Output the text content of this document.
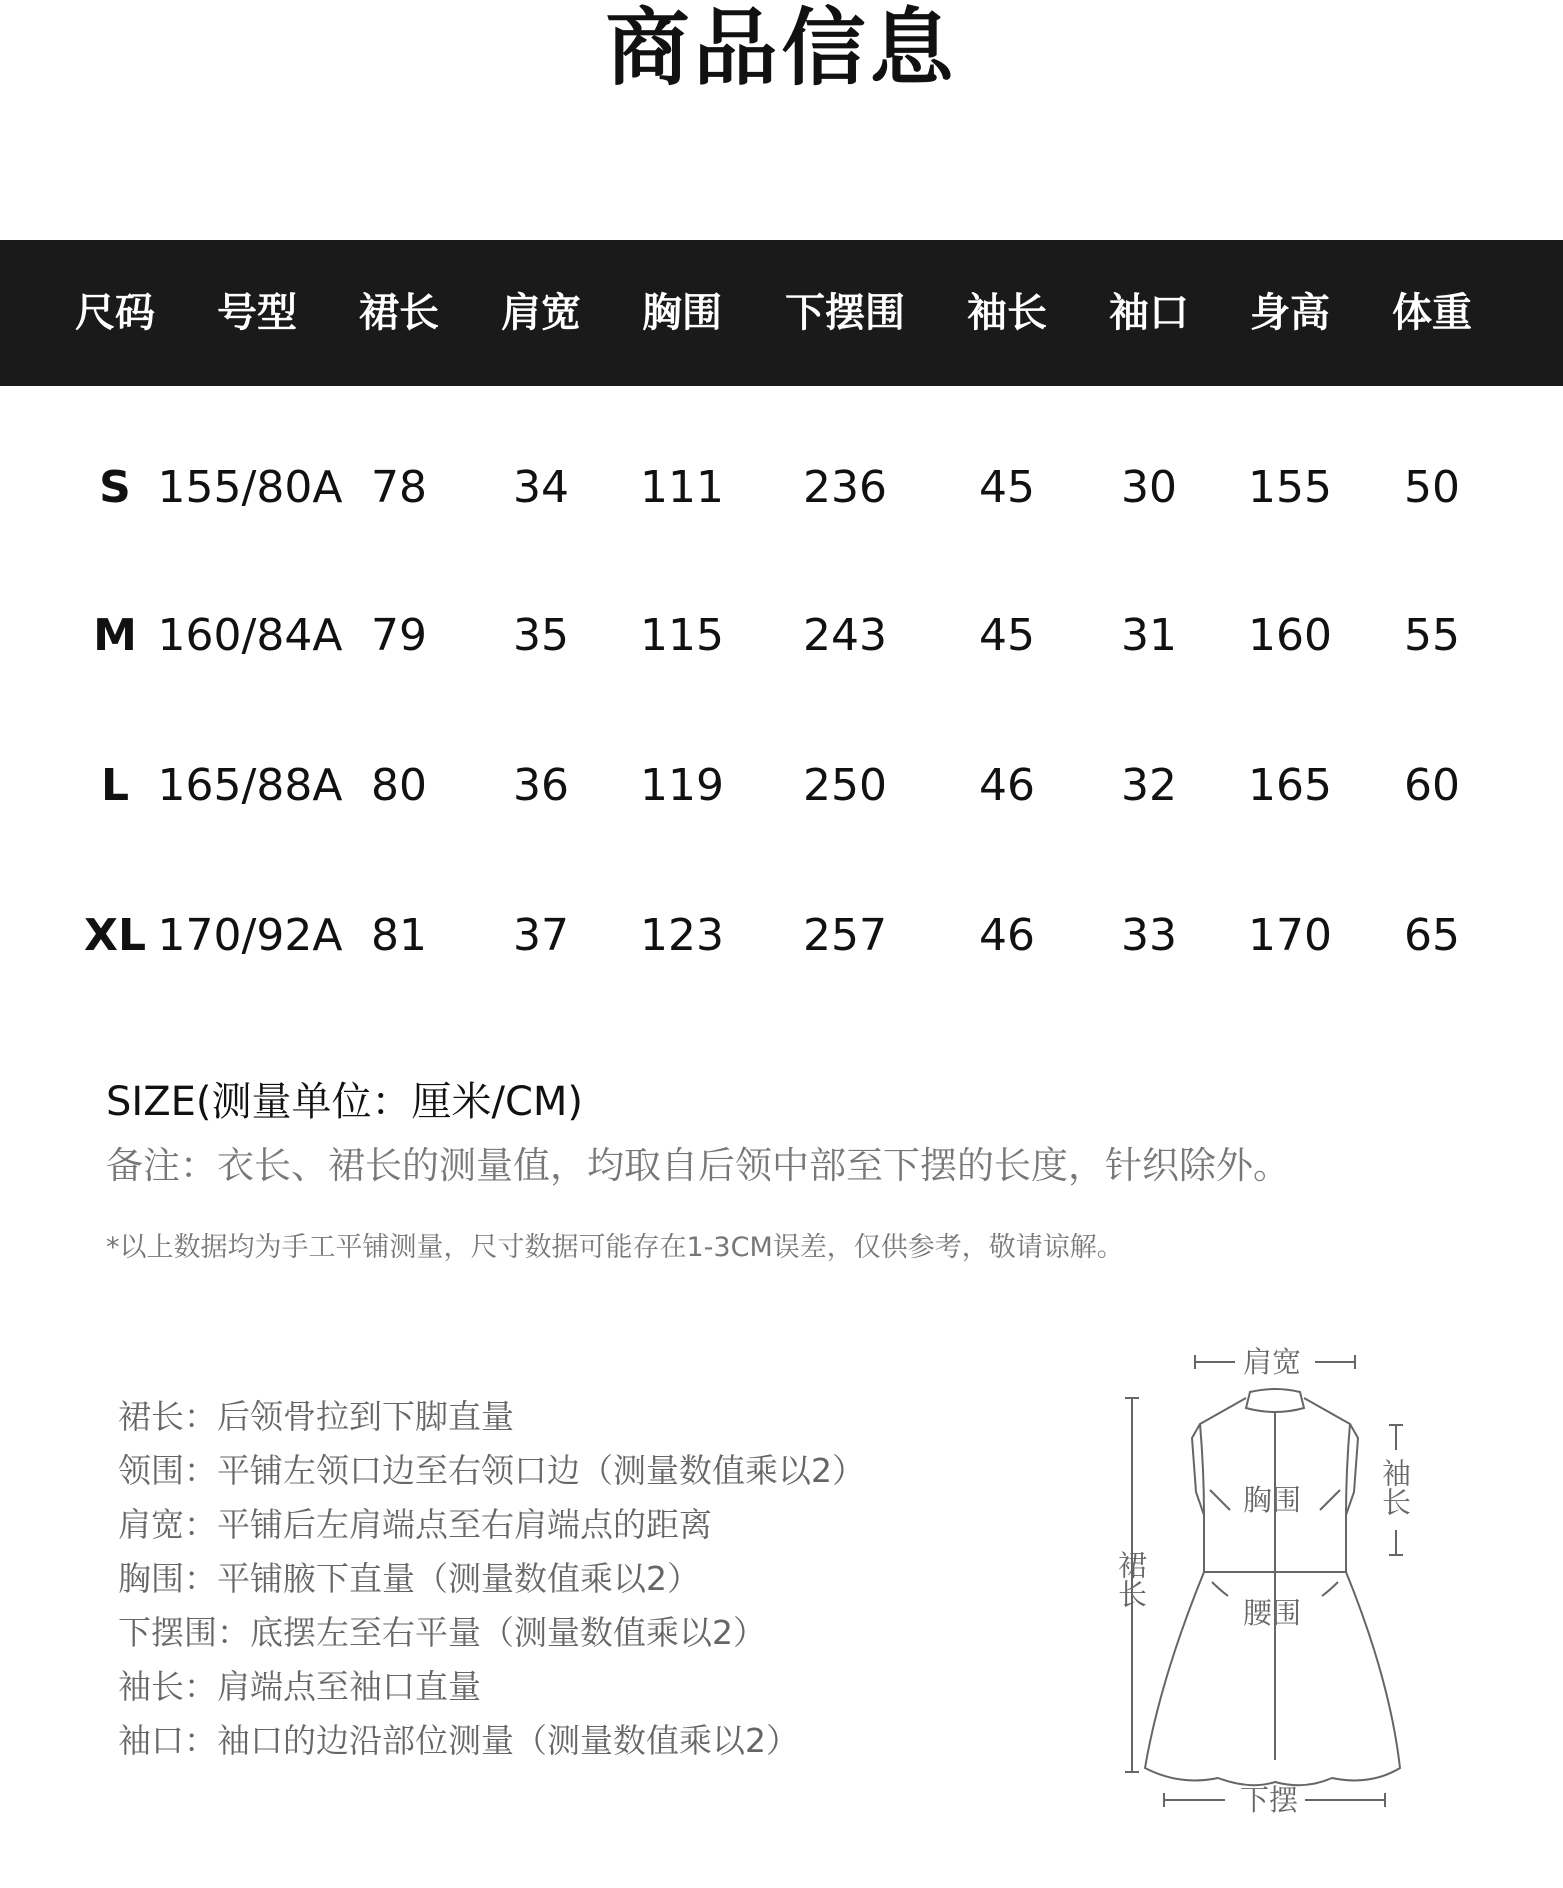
商品信息
尺码 号型 裙长 肩宽 胸围 下摆围 袖长 袖口 身高 体重
S 155/80A 78 34 111 236 45 30 155 50
M 160/84A 79 35 115 243 45 31 160 55
L 165/88A 80 36 119 250 46 32 165 60
XL 170/92A 81 37 123 257 46 33 170 65
SIZE(测量单位：厘米/CM)
备注：衣长、裙长的测量值，均取自后领中部至下摆的长度，针织除外。
*以上数据均为手工平铺测量，尺寸数据可能存在1-3CM误差，仅供参考，敬请谅解。
裙长：后领骨拉到下脚直量
领围：平铺左领口边至右领口边（测量数值乘以2）
肩宽：平铺后左肩端点至右肩端点的距离
胸围：平铺腋下直量（测量数值乘以2）
下摆围：底摆左至右平量（测量数值乘以2）
袖长：肩端点至袖口直量
袖口：袖口的边沿部位测量（测量数值乘以2）
肩宽
胸围	袖长
裙长
腰围
下摆
